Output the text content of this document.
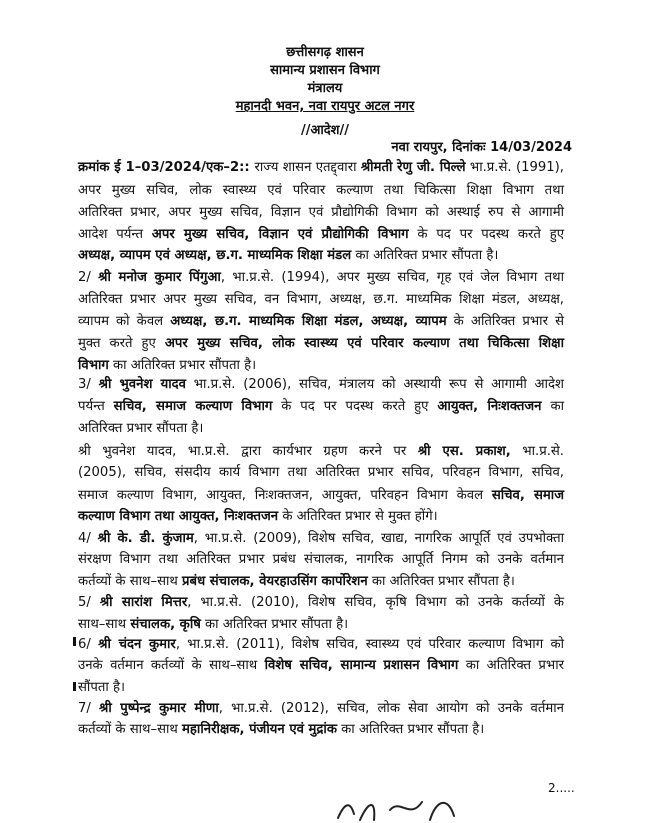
छत्तीसगढ़ शासन
सामान्य प्रशासन विभाग
मंत्रालय
महानदी भवन, नवा रायपुर अटल नगर
//आदेश//
नवा रायपुर, दिनांकः 14/03/2024
क्रमांक ई 1–03/2024/एक–2:: राज्य शासन एतद्द्वारा श्रीमती रेणु जी. पिल्ले भा.प्र.से. (1991),
अपर मुख्य सचिव, लोक स्वास्थ्य एवं परिवार कल्याण तथा चिकित्सा शिक्षा विभाग तथा
अतिरिक्त प्रभार, अपर मुख्य सचिव, विज्ञान एवं प्रौद्योगिकी विभाग को अस्थाई रुप से आगामी
आदेश पर्यन्त अपर मुख्य सचिव, विज्ञान एवं प्रौद्योगिकी विभाग के पद पर पदस्थ करते हुए
अध्यक्ष, व्यापम एवं अध्यक्ष, छ.ग. माध्यमिक शिक्षा मंडल का अतिरिक्त प्रभार सौंपता है।
2/ श्री मनोज कुमार पिंगुआ, भा.प्र.से. (1994), अपर मुख्य सचिव, गृह एवं जेल विभाग तथा
अतिरिक्त प्रभार अपर मुख्य सचिव, वन विभाग, अध्यक्ष, छ.ग. माध्यमिक शिक्षा मंडल, अध्यक्ष,
व्यापम को केवल अध्यक्ष, छ.ग. माध्यमिक शिक्षा मंडल, अध्यक्ष, व्यापम के अतिरिक्त प्रभार से
मुक्त करते हुए अपर मुख्य सचिव, लोक स्वास्थ्य एवं परिवार कल्याण तथा चिकित्सा शिक्षा
विभाग का अतिरिक्त प्रभार सौंपता है।
3/ श्री भुवनेश यादव भा.प्र.से. (2006), सचिव, मंत्रालय को अस्थायी रूप से आगामी आदेश
पर्यन्त सचिव, समाज कल्याण विभाग के पद पर पदस्थ करते हुए आयुक्त, निःशक्तजन का
अतिरिक्त प्रभार सौंपता है।
श्री भुवनेश यादव, भा.प्र.से. द्वारा कार्यभार ग्रहण करने पर श्री एस. प्रकाश, भा.प्र.से.
(2005), सचिव, संसदीय कार्य विभाग तथा अतिरिक्त प्रभार सचिव, परिवहन विभाग, सचिव,
समाज कल्याण विभाग, आयुक्त, निःशक्तजन, आयुक्त, परिवहन विभाग केवल सचिव, समाज
कल्याण विभाग तथा आयुक्त, निःशक्तजन के अतिरिक्त प्रभार से मुक्त होंगे।
4/ श्री के. डी. कुंजाम, भा.प्र.से. (2009), विशेष सचिव, खाद्य, नागरिक आपूर्ति एवं उपभोक्ता
संरक्षण विभाग तथा अतिरिक्त प्रभार प्रबंध संचालक, नागरिक आपूर्ति निगम को उनके वर्तमान
कर्तव्यों के साथ–साथ प्रबंध संचालक, वेयरहाउसिंग कार्पोरेशन का अतिरिक्त प्रभार सौंपता है।
5/ श्री सारांश मित्तर, भा.प्र.से. (2010), विशेष सचिव, कृषि विभाग को उनके कर्तव्यों के
साथ–साथ संचालक, कृषि का अतिरिक्त प्रभार सौंपता है।
6/ श्री चंदन कुमार, भा.प्र.से. (2011), विशेष सचिव, स्वास्थ्य एवं परिवार कल्याण विभाग को
उनके वर्तमान कर्तव्यों के साथ–साथ विशेष सचिव, सामान्य प्रशासन विभाग का अतिरिक्त प्रभार
सौंपता है।
7/ श्री पुष्पेन्द्र कुमार मीणा, भा.प्र.से. (2012), सचिव, लोक सेवा आयोग को उनके वर्तमान
कर्तव्यों के साथ–साथ महानिरीक्षक, पंजीयन एवं मुद्रांक का अतिरिक्त प्रभार सौंपता है।
2.....
